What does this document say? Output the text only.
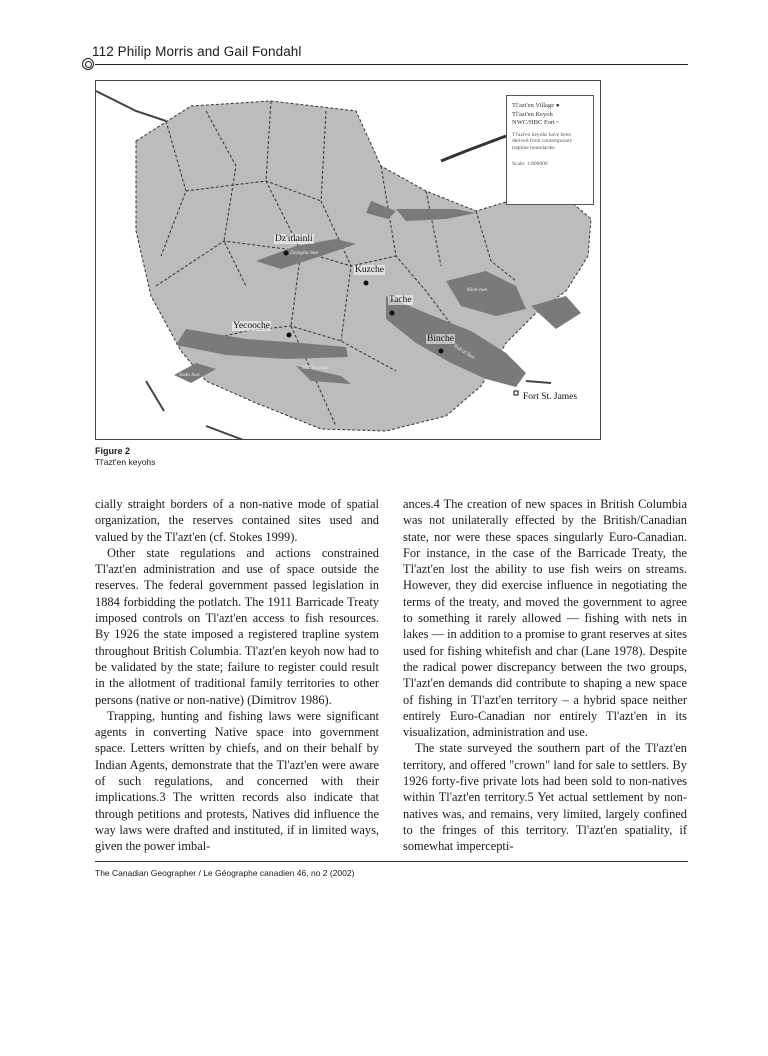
112 Philip Morris and Gail Fondahl
Dz'itlainli
Kuzche
Tache
Yecooche
Binche
Fort St. James
Nak'al bun
Dzinghu bun
Sodo bun
Kloh bun
Bitlik'a bun
Tl'azt'en Village ●
Tl'azt'en Keyoh
NWC/HBC Fort ▫
Tl'azt'en keyohs have been derived from contemporary trapline boundaries.
Scale: 1:800000
Figure 2
Tl'azt'en keyohs

cially straight borders of a non-native mode of spatial organization, the reserves contained sites used and valued by the Tl'azt'en (cf. Stokes 1999).

Other state regulations and actions constrained Tl'azt'en administration and use of space outside the reserves. The federal government passed legislation in 1884 forbidding the potlatch. The 1911 Barricade Treaty imposed controls on Tl'azt'en access to fish resources. By 1926 the state imposed a registered trapline system throughout British Columbia. Tl'azt'en keyoh now had to be validated by the state; failure to register could result in the allotment of traditional family territories to other persons (native or non-native) (Dimitrov 1986).

Trapping, hunting and fishing laws were significant agents in converting Native space into government space. Letters written by chiefs, and on their behalf by Indian Agents, demonstrate that the Tl'azt'en were aware of such regulations, and concerned with their implications.3 The written records also indicate that through petitions and protests, Natives did influence the way laws were drafted and instituted, if in limited ways, given the power imbal-

ances.4 The creation of new spaces in British Columbia was not unilaterally effected by the British/Canadian state, nor were these spaces singularly Euro-Canadian. For instance, in the case of the Barricade Treaty, the Tl'azt'en lost the ability to use fish weirs on streams. However, they did exercise influence in negotiating the terms of the treaty, and moved the government to agree to something it rarely allowed — fishing with nets in lakes — in addition to a promise to grant reserves at sites used for fishing whitefish and char (Lane 1978). Despite the radical power discrepancy between the two groups, Tl'azt'en demands did contribute to shaping a new space of fishing in Tl'azt'en territory – a hybrid space neither entirely Euro-Canadian nor entirely Tl'azt'en in its visualization, administration and use.

The state surveyed the southern part of the Tl'azt'en territory, and offered "crown" land for sale to settlers. By 1926 forty-five private lots had been sold to non-natives within Tl'azt'en territory.5 Yet actual settlement by non-natives was, and remains, very limited, largely confined to the fringes of this territory. Tl'azt'en spatiality, if somewhat impercepti-

The Canadian Geographer / Le Géographe canadien 46, no 2 (2002)
